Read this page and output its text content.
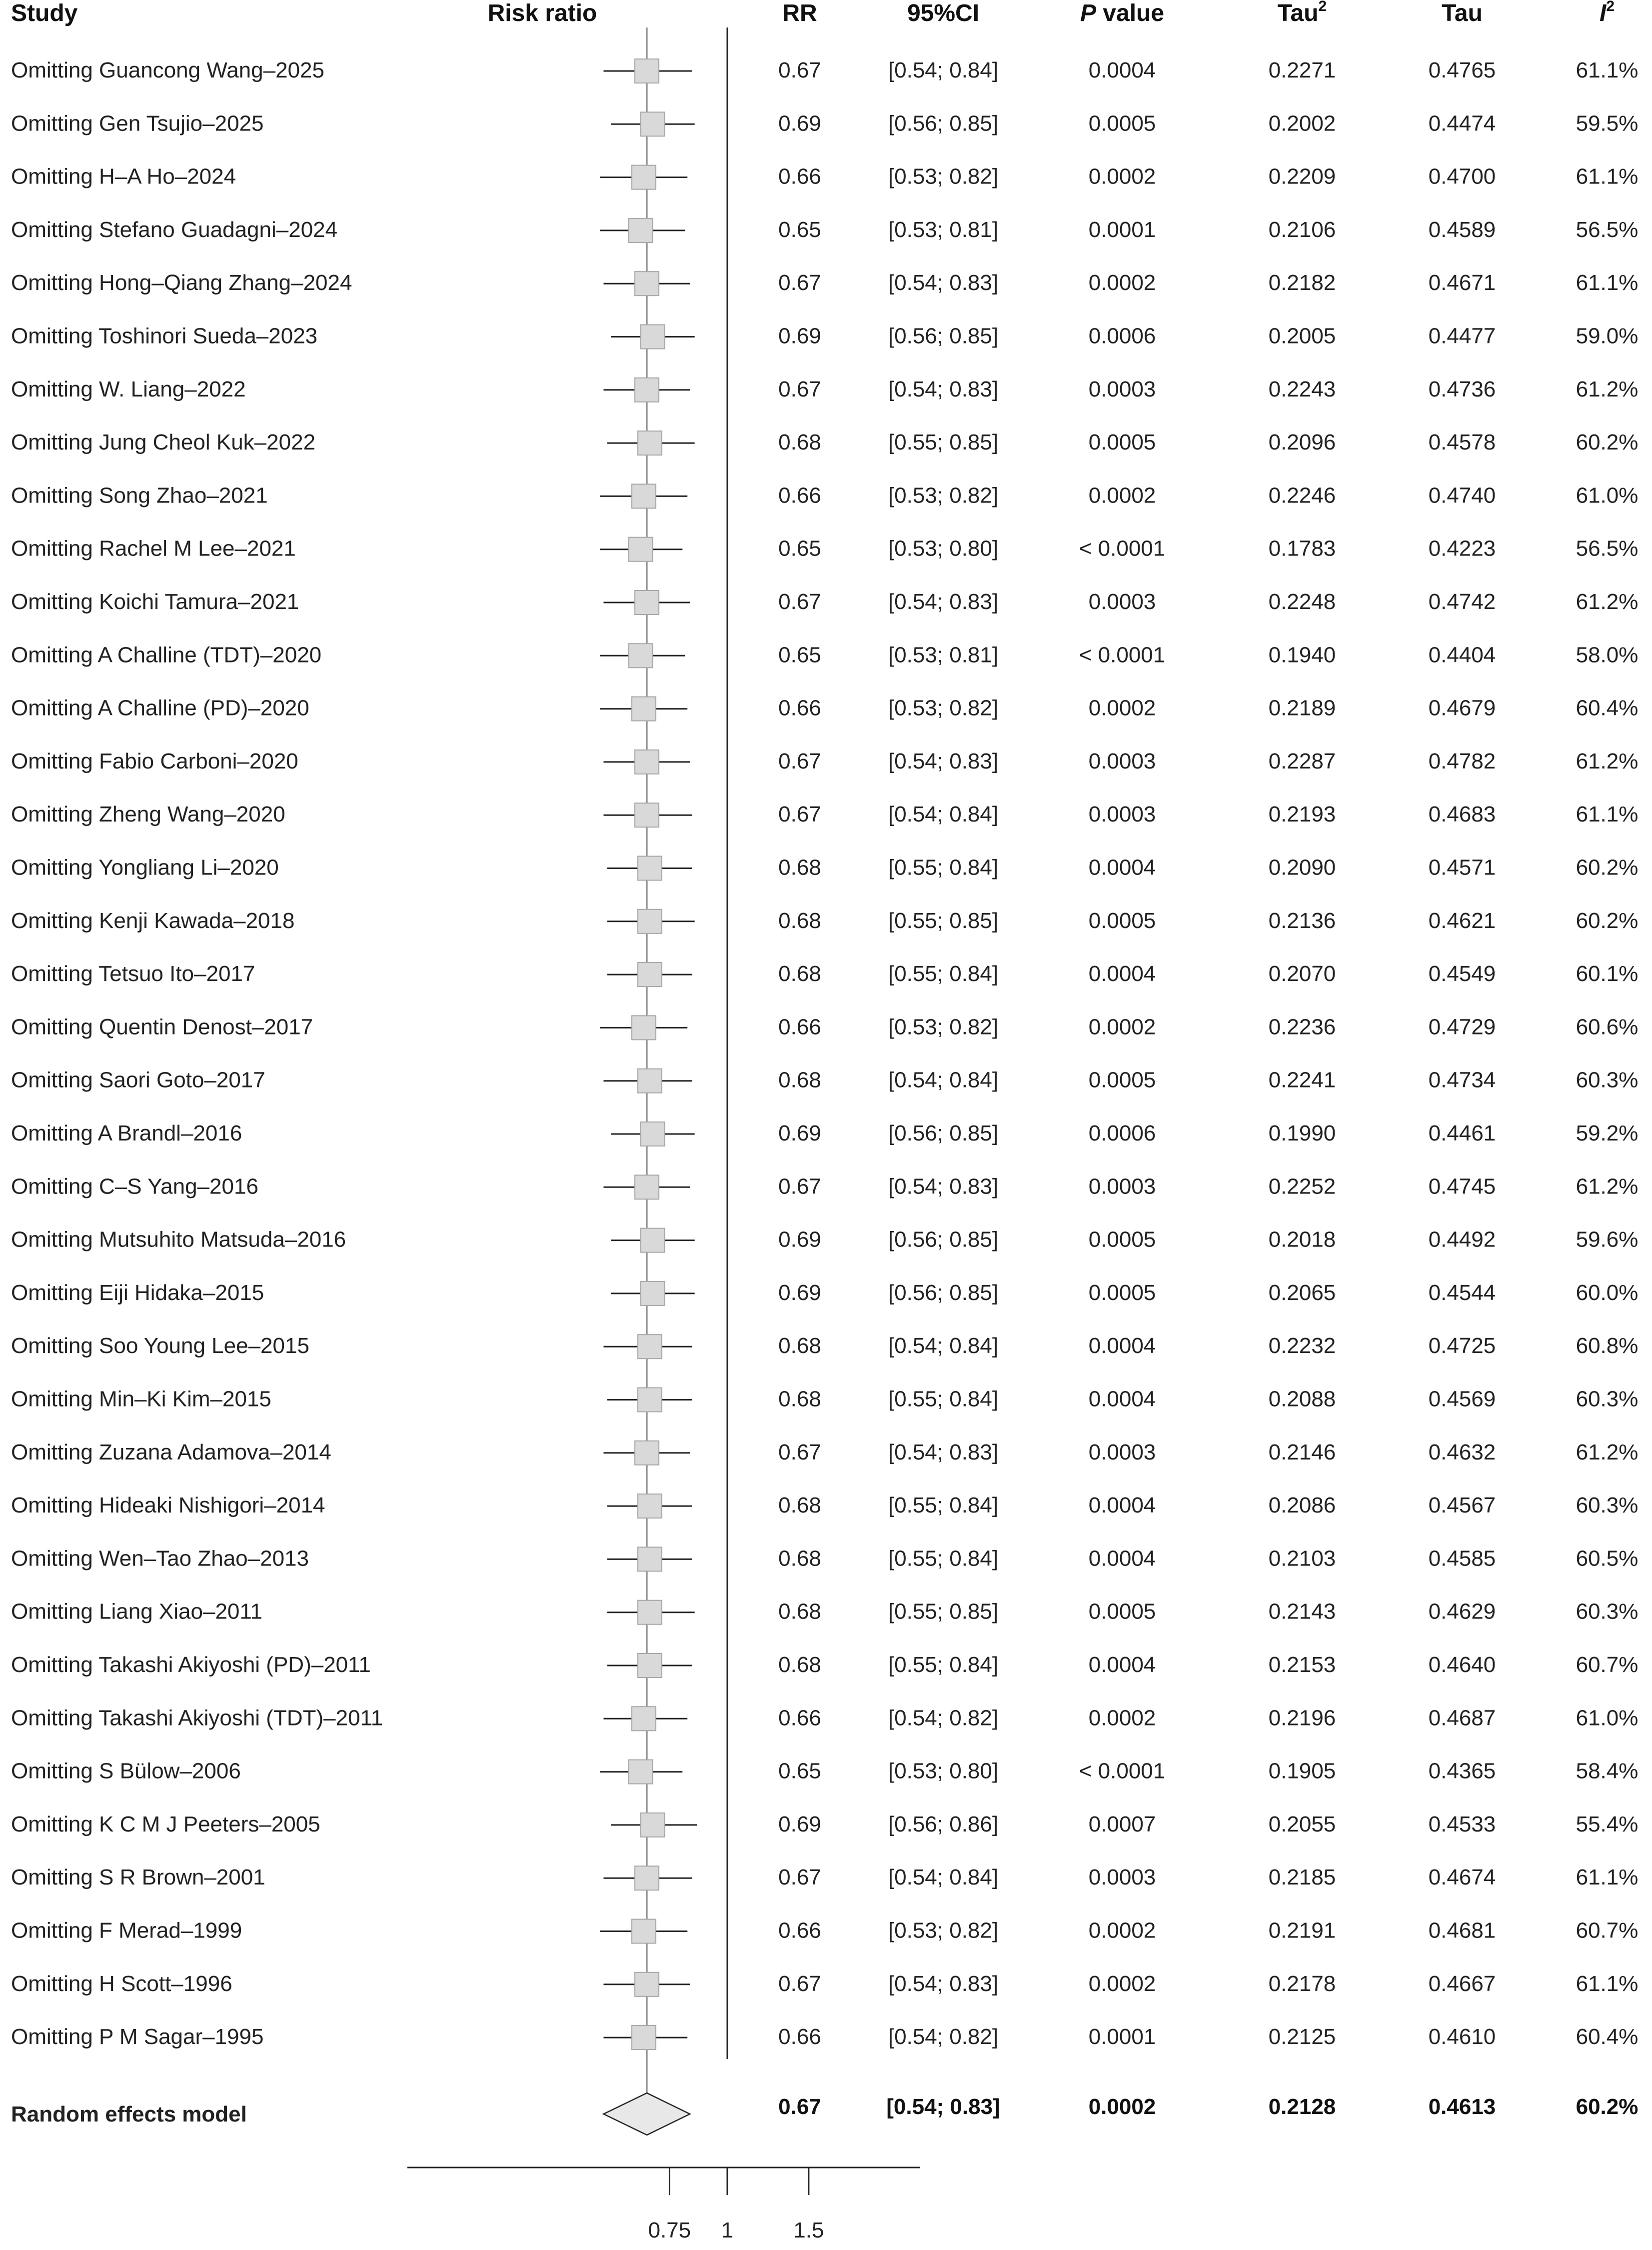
Study	Risk ratio	RR	95%CI	P value	Tau$^2$	Tau	$I^2$
Omitting Guancong Wang–2025	0.67	[0.54; 0.84]	0.0004	0.2271	0.4765	61.1%
Omitting Gen Tsujio–2025	0.69	[0.56; 0.85]	0.0005	0.2002	0.4474	59.5%
Omitting H–A Ho–2024	0.66	[0.53; 0.82]	0.0002	0.2209	0.4700	61.1%
Omitting Stefano Guadagni–2024	0.65	[0.53; 0.81]	0.0001	0.2106	0.4589	56.5%
Omitting Hong–Qiang Zhang–2024	0.67	[0.54; 0.83]	0.0002	0.2182	0.4671	61.1%
Omitting Toshinori Sueda–2023	0.69	[0.56; 0.85]	0.0006	0.2005	0.4477	59.0%
Omitting W. Liang–2022	0.67	[0.54; 0.83]	0.0003	0.2243	0.4736	61.2%
Omitting Jung Cheol Kuk–2022	0.68	[0.55; 0.85]	0.0005	0.2096	0.4578	60.2%
Omitting Song Zhao–2021	0.66	[0.53; 0.82]	0.0002	0.2246	0.4740	61.0%
Omitting Rachel M Lee–2021	0.65	[0.53; 0.80]	< 0.0001	0.1783	0.4223	56.5%
Omitting Koichi Tamura–2021	0.67	[0.54; 0.83]	0.0003	0.2248	0.4742	61.2%
Omitting A Challine (TDT)–2020	0.65	[0.53; 0.81]	< 0.0001	0.1940	0.4404	58.0%
Omitting A Challine (PD)–2020	0.66	[0.53; 0.82]	0.0002	0.2189	0.4679	60.4%
Omitting Fabio Carboni–2020	0.67	[0.54; 0.83]	0.0003	0.2287	0.4782	61.2%
Omitting Zheng Wang–2020	0.67	[0.54; 0.84]	0.0003	0.2193	0.4683	61.1%
Omitting Yongliang Li–2020	0.68	[0.55; 0.84]	0.0004	0.2090	0.4571	60.2%
Omitting Kenji Kawada–2018	0.68	[0.55; 0.85]	0.0005	0.2136	0.4621	60.2%
Omitting Tetsuo Ito–2017	0.68	[0.55; 0.84]	0.0004	0.2070	0.4549	60.1%
Omitting Quentin Denost–2017	0.66	[0.53; 0.82]	0.0002	0.2236	0.4729	60.6%
Omitting Saori Goto–2017	0.68	[0.54; 0.84]	0.0005	0.2241	0.4734	60.3%
Omitting A Brandl–2016	0.69	[0.56; 0.85]	0.0006	0.1990	0.4461	59.2%
Omitting C–S Yang–2016	0.67	[0.54; 0.83]	0.0003	0.2252	0.4745	61.2%
Omitting Mutsuhito Matsuda–2016	0.69	[0.56; 0.85]	0.0005	0.2018	0.4492	59.6%
Omitting Eiji Hidaka–2015	0.69	[0.56; 0.85]	0.0005	0.2065	0.4544	60.0%
Omitting Soo Young Lee–2015	0.68	[0.54; 0.84]	0.0004	0.2232	0.4725	60.8%
Omitting Min–Ki Kim–2015	0.68	[0.55; 0.84]	0.0004	0.2088	0.4569	60.3%
Omitting Zuzana Adamova–2014	0.67	[0.54; 0.83]	0.0003	0.2146	0.4632	61.2%
Omitting Hideaki Nishigori–2014	0.68	[0.55; 0.84]	0.0004	0.2086	0.4567	60.3%
Omitting Wen–Tao Zhao–2013	0.68	[0.55; 0.84]	0.0004	0.2103	0.4585	60.5%
Omitting Liang Xiao–2011	0.68	[0.55; 0.85]	0.0005	0.2143	0.4629	60.3%
Omitting Takashi Akiyoshi (PD)–2011	0.68	[0.55; 0.84]	0.0004	0.2153	0.4640	60.7%
Omitting Takashi Akiyoshi (TDT)–2011	0.66	[0.54; 0.82]	0.0002	0.2196	0.4687	61.0%
Omitting S Bülow–2006	0.65	[0.53; 0.80]	< 0.0001	0.1905	0.4365	58.4%
Omitting K C M J Peeters–2005	0.69	[0.56; 0.86]	0.0007	0.2055	0.4533	55.4%
Omitting S R Brown–2001	0.67	[0.54; 0.84]	0.0003	0.2185	0.4674	61.1%
Omitting F Merad–1999	0.66	[0.53; 0.82]	0.0002	0.2191	0.4681	60.7%
Omitting H Scott–1996	0.67	[0.54; 0.83]	0.0002	0.2178	0.4667	61.1%
Omitting P M Sagar–1995	0.66	[0.54; 0.82]	0.0001	0.2125	0.4610	60.4%
Random effects model	0.67	[0.54; 0.83]	0.0002	0.2128	0.4613	60.2%
0.75 1	1.5
